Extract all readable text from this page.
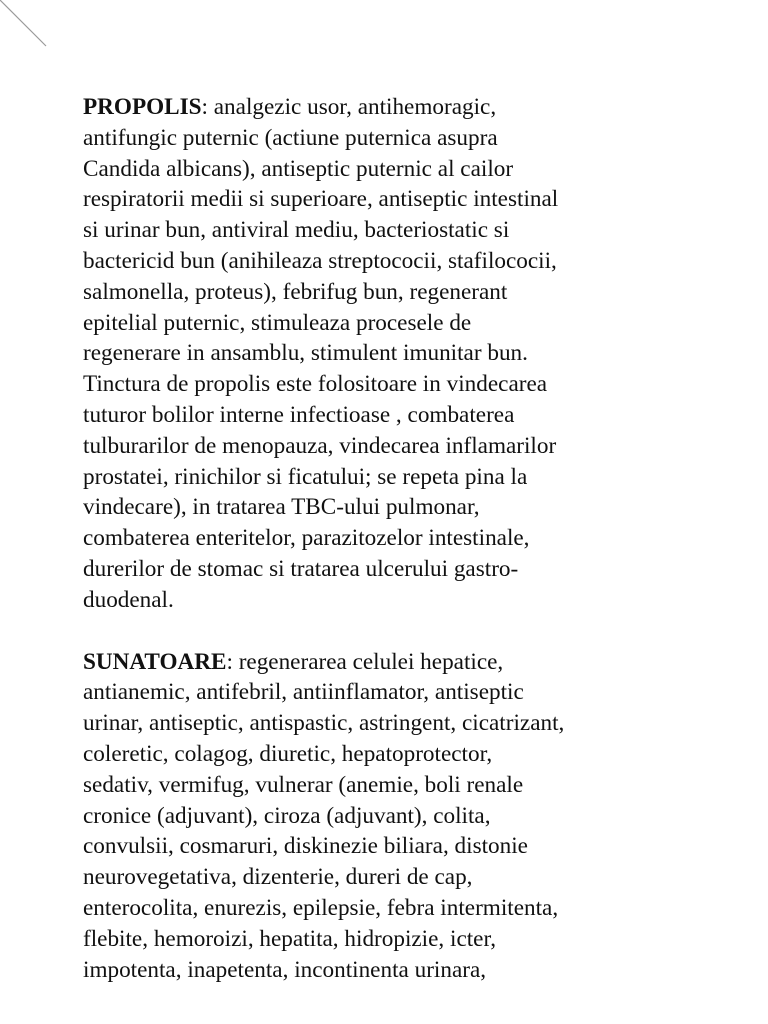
PROPOLIS: analgezic usor, antihemoragic,
antifungic puternic (actiune puternica asupra
Candida albicans), antiseptic puternic al cailor
respiratorii medii si superioare, antiseptic intestinal
si urinar bun, antiviral mediu, bacteriostatic si
bactericid bun (anihileaza streptococii, stafilococii,
salmonella, proteus), febrifug bun, regenerant
epitelial puternic, stimuleaza procesele de
regenerare in ansamblu, stimulent imunitar bun.
Tinctura de propolis este folositoare in vindecarea
tuturor bolilor interne infectioase , combaterea
tulburarilor de menopauza, vindecarea inflamarilor
prostatei, rinichilor si ficatului; se repeta pina la
vindecare), in tratarea TBC-ului pulmonar,
combaterea enteritelor, parazitozelor intestinale,
durerilor de stomac si tratarea ulcerului gastro-
duodenal.

SUNATOARE: regenerarea celulei hepatice,
antianemic, antifebril, antiinflamator, antiseptic
urinar, antiseptic, antispastic, astringent, cicatrizant,
coleretic, colagog, diuretic, hepatoprotector,
sedativ, vermifug, vulnerar (anemie, boli renale
cronice (adjuvant), ciroza (adjuvant), colita,
convulsii, cosmaruri, diskinezie biliara, distonie
neurovegetativa, dizenterie, dureri de cap,
enterocolita, enurezis, epilepsie, febra intermitenta,
flebite, hemoroizi, hepatita, hidropizie, icter,
impotenta, inapetenta, incontinenta urinara,
